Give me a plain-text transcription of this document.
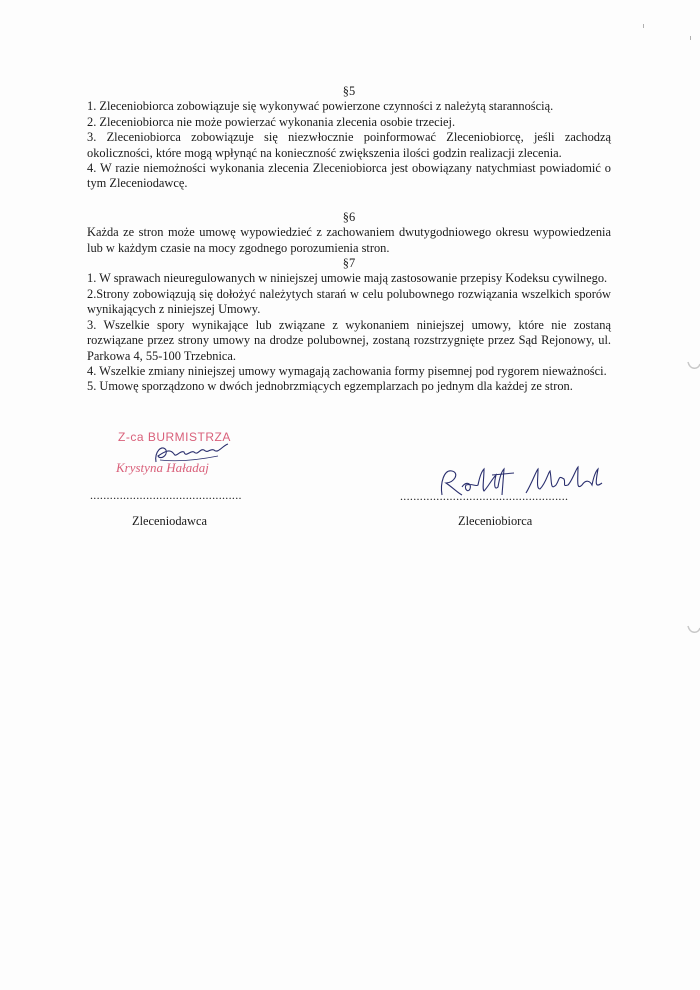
§5

1. Zleceniobiorca zobowiązuje się wykonywać powierzone czynności z należytą starannością.

2. Zleceniobiorca nie może powierzać wykonania zlecenia osobie trzeciej.

3. Zleceniobiorca zobowiązuje się niezwłocznie poinformować Zleceniobiorcę, jeśli zachodzą okoliczności, które mogą wpłynąć na konieczność zwiększenia ilości godzin realizacji zlecenia.

4. W razie niemożności wykonania zlecenia Zleceniobiorca jest obowiązany natychmiast powiadomić o tym Zleceniodawcę.

§6

Każda ze stron może umowę wypowiedzieć z zachowaniem dwutygodniowego okresu wypowiedzenia lub w każdym czasie na mocy zgodnego porozumienia stron.

§7

1. W sprawach nieuregulowanych w niniejszej umowie mają zastosowanie przepisy Kodeksu cywilnego.

2.Strony zobowiązują się dołożyć należytych starań w celu polubownego rozwiązania wszelkich sporów wynikających z niniejszej Umowy.

3. Wszelkie spory wynikające lub związane z wykonaniem niniejszej umowy, które nie zostaną rozwiązane przez strony umowy na drodze polubownej, zostaną rozstrzygnięte przez Sąd Rejonowy, ul. Parkowa 4, 55-100 Trzebnica.

4. Wszelkie zmiany niniejszej umowy wymagają zachowania formy pisemnej pod rygorem nieważności.

5. Umowę sporządzono w dwóch jednobrzmiących egzemplarzach po jednym dla każdej ze stron.

Z-ca BURMISTRZA
Krystyna Haładaj
..............................................
Zleceniodawca
...................................................
Zleceniobiorca
